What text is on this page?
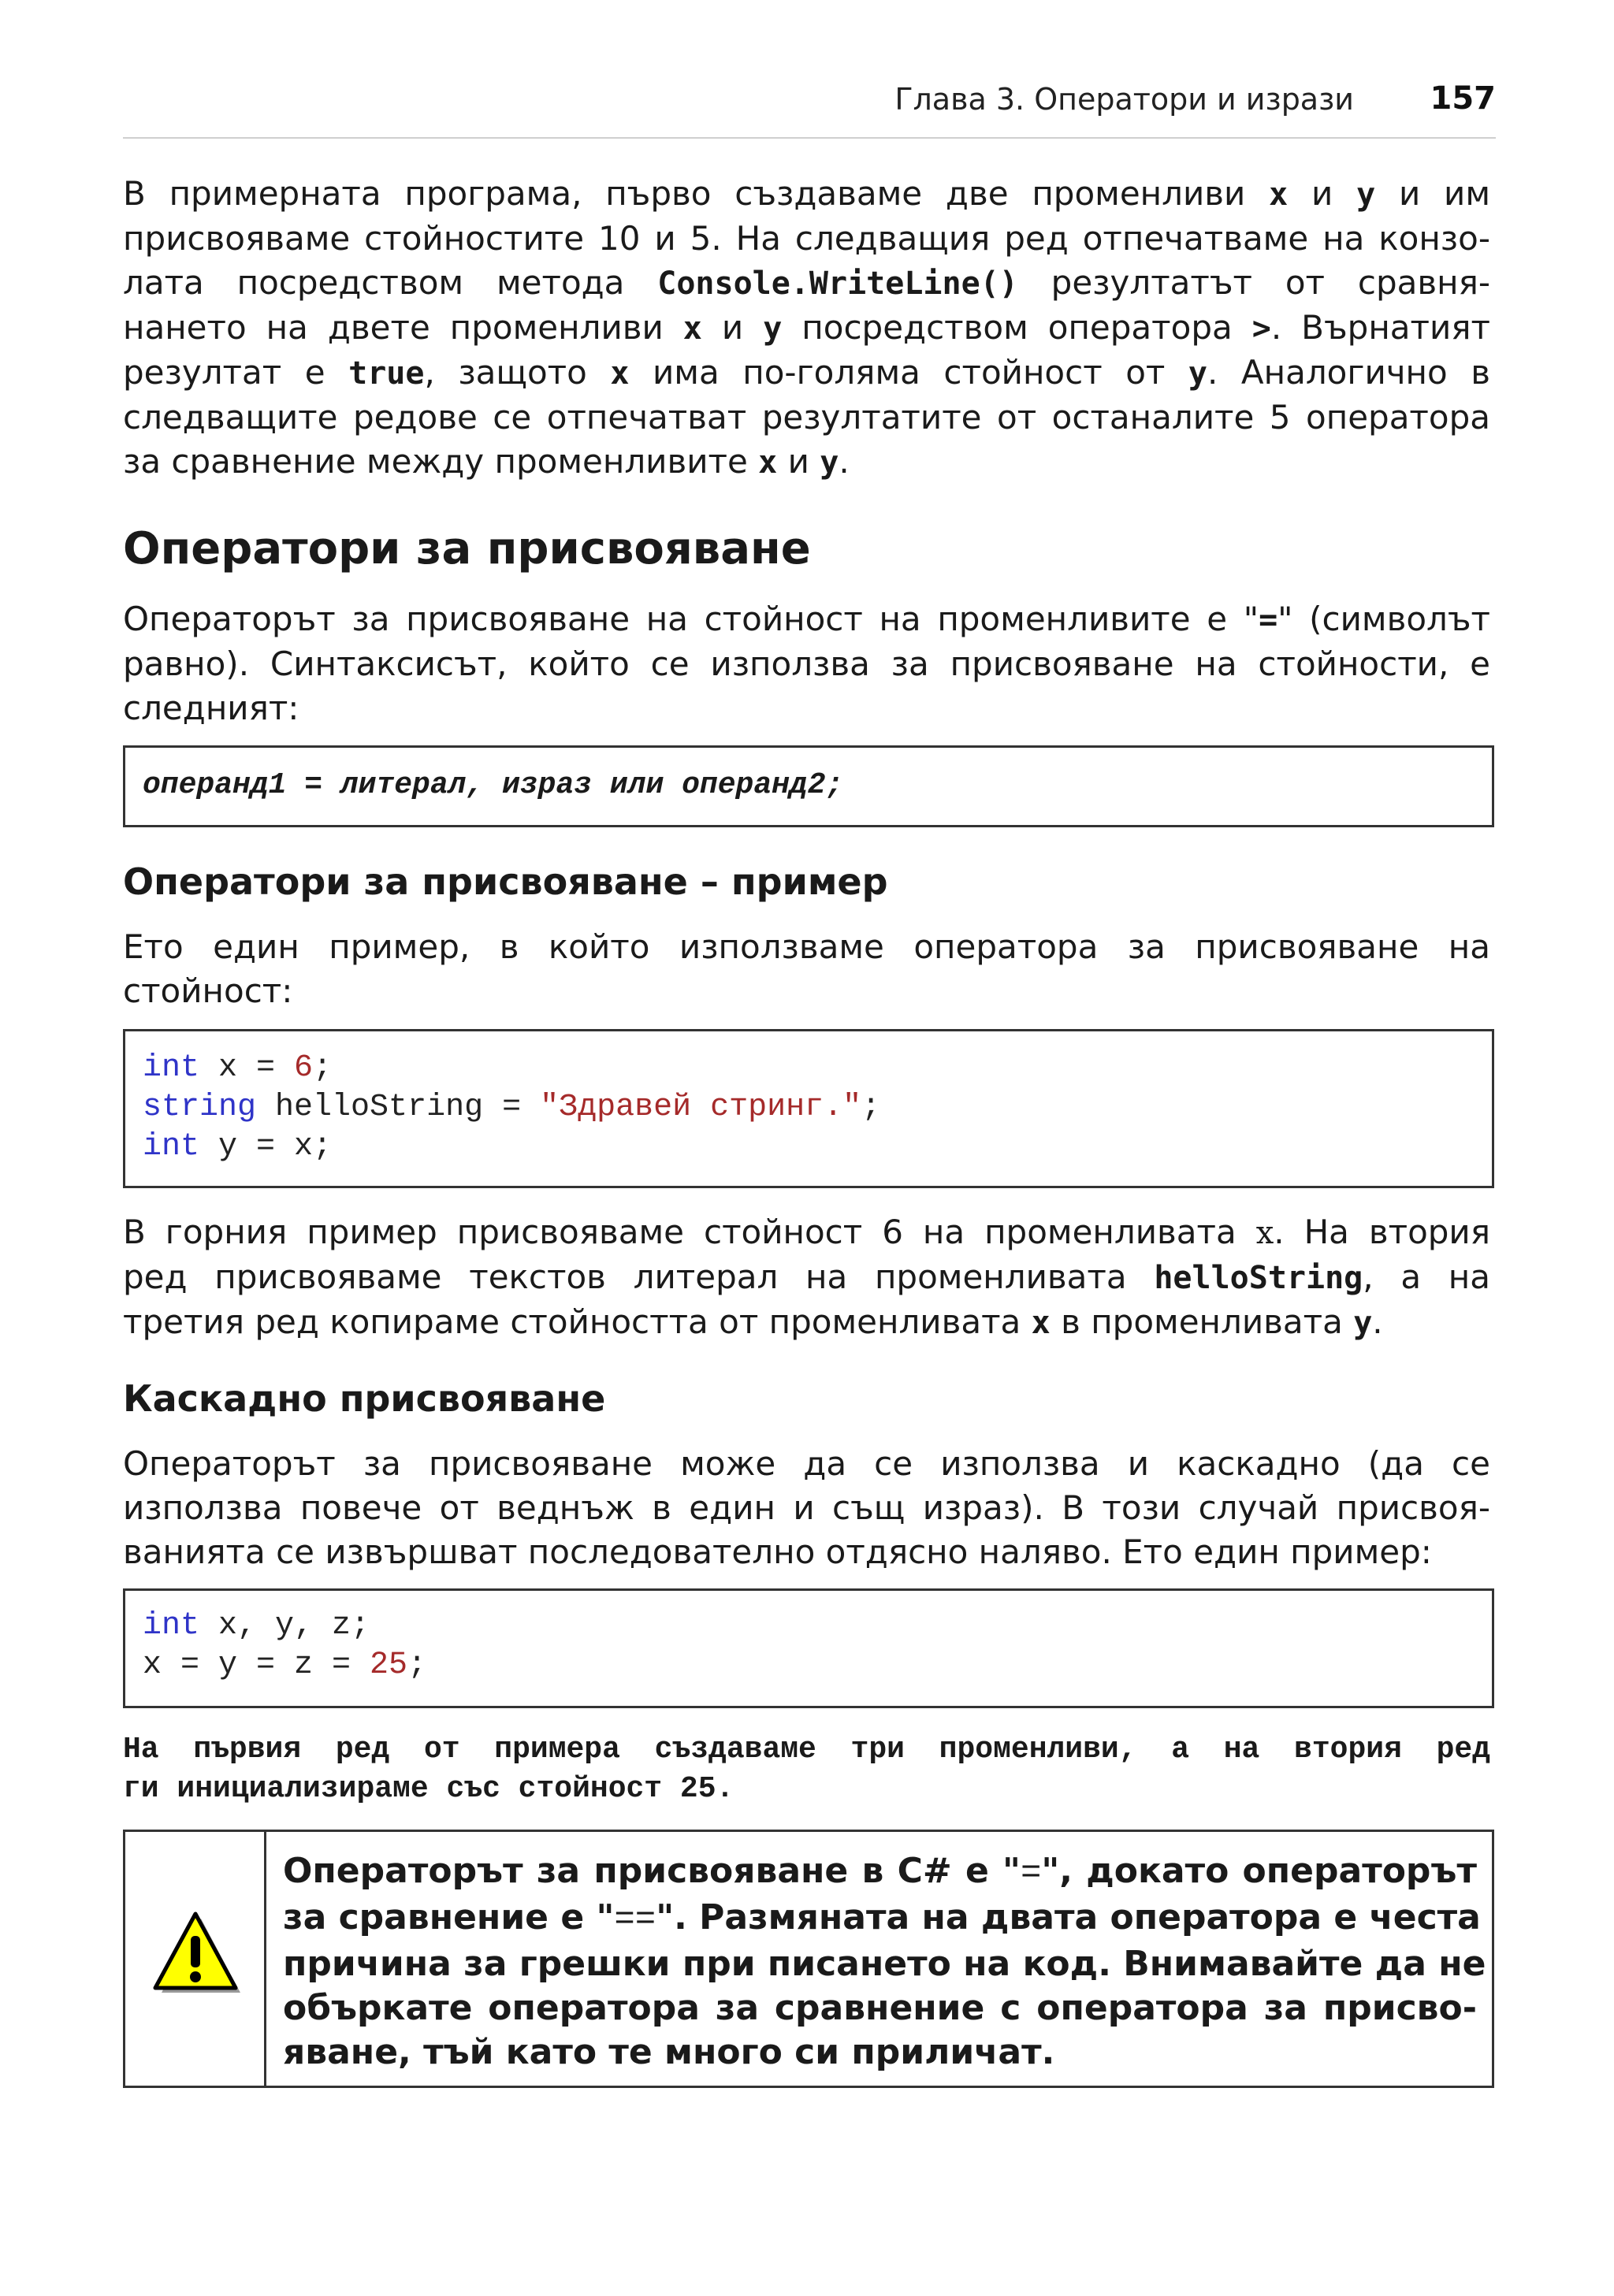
Глава 3. Оператори и изрази 157

В примерната програма, първо създаваме две променливи x и y и им
присвояваме стойностите 10 и 5. На следващия ред отпечатваме на конзо-
лата посредством метода Console.WriteLine() резултатът от сравня-
нането на двете променливи x и y посредством оператора >. Върнатият
резултат е true, защото x има по-голяма стойност от y. Аналогично в
следващите редове се отпечатват резултатите от останалите 5 оператора
за сравнение между променливите x и y.

Оператори за присвояване

Операторът за присвояване на стойност на променливите е "=" (символът
равно). Синтаксисът, който се използва за присвояване на стойности, е
следният:

операнд1 = литерал, израз или операнд2;
Оператори за присвояване – пример

Ето един пример, в който използваме оператора за присвояване на
стойност:

int x = 6;
string helloString = "Здравей стринг.";
int y = x;

В горния пример присвояваме стойност 6 на променливата x. На втория
ред присвояваме текстов литерал на променливата helloString, а на
третия ред копираме стойността от променливата x в променливата y.

Каскадно присвояване

Операторът за присвояване може да се използва и каскадно (да се
използва повече от веднъж в един и същ израз). В този случай присвоя-
ванията се извършват последователно отдясно наляво. Ето един пример:

int x, y, z;
x = y = z = 25;

На първия ред от примера създаваме три променливи, а на втория ред
ги инициализираме със стойност 25.

Операторът за присвояване в C# е "=", докато операторът
за сравнение е "==". Размяната на двата оператора е честа
причина за грешки при писането на код. Внимавайте да не
объркате оператора за сравнение с оператора за присво-
яване, тъй като те много си приличат.
